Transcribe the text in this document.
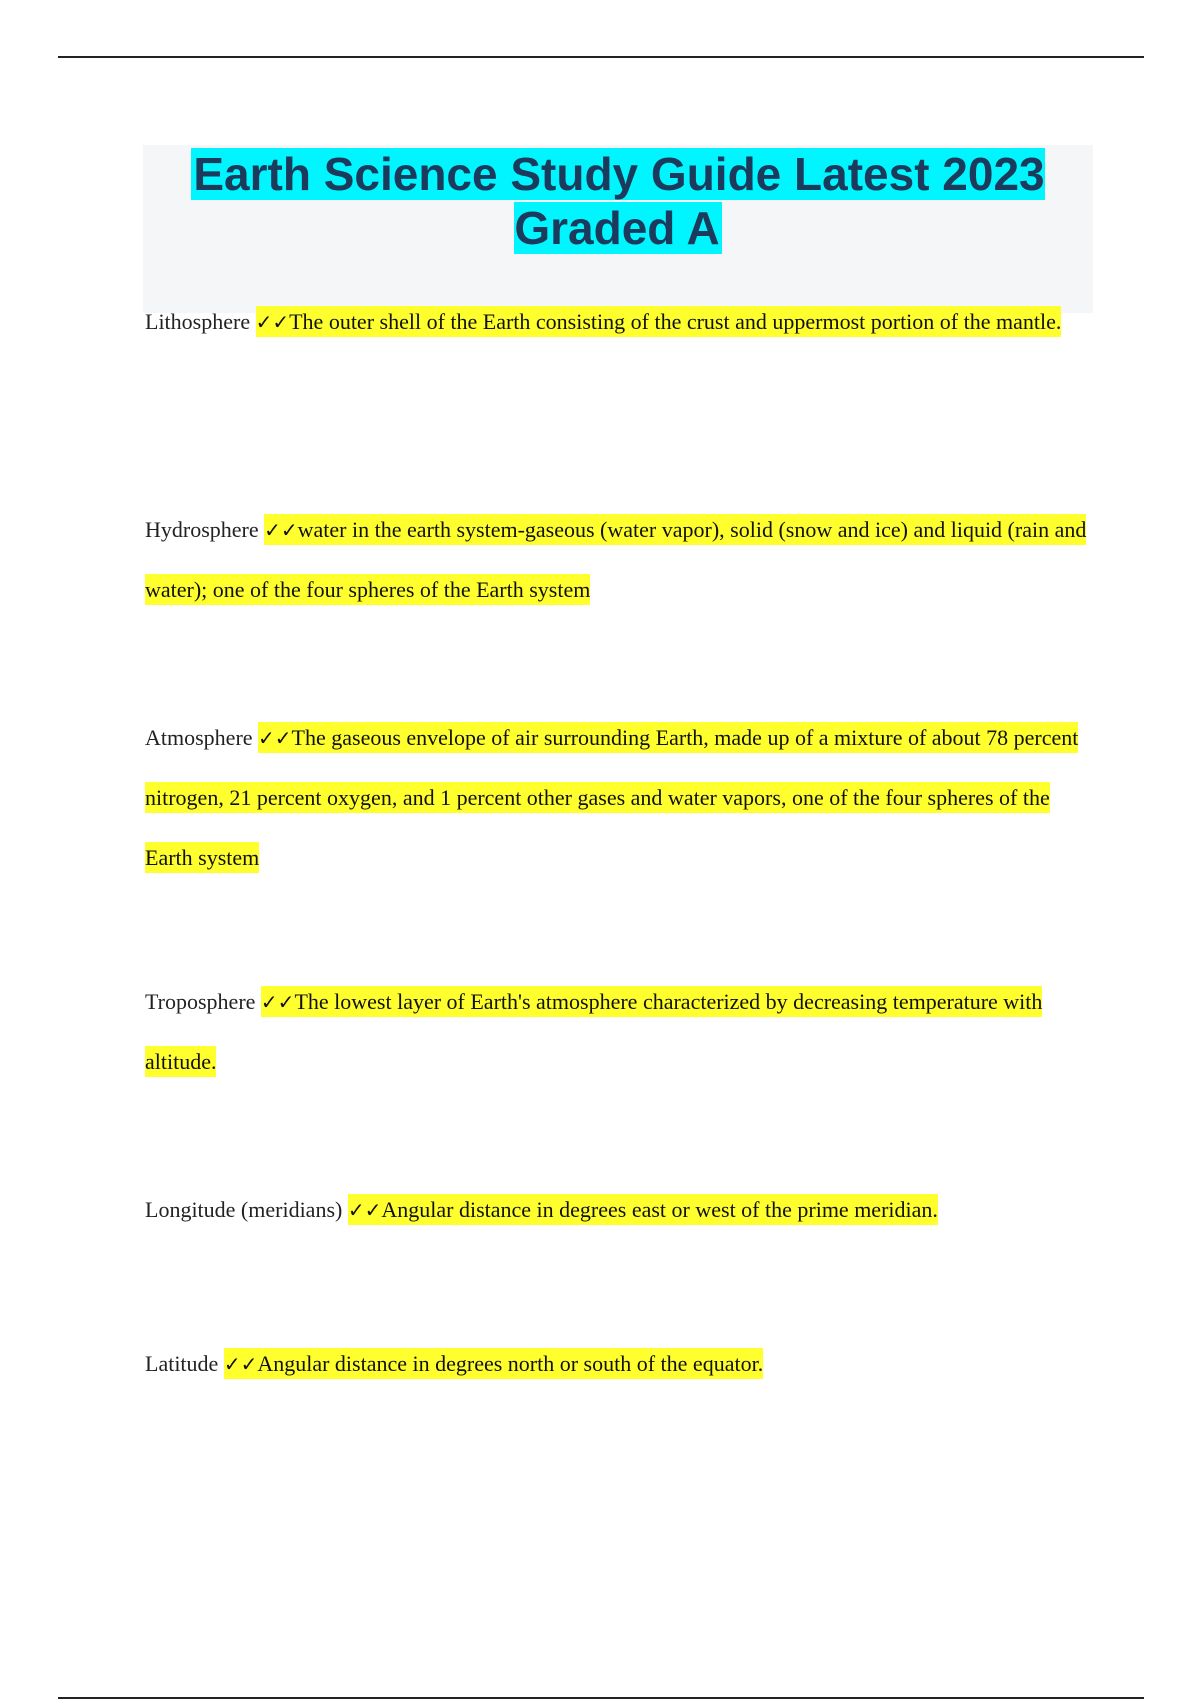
Earth Science Study Guide Latest 2023 Graded A

Lithosphere ✓✓The outer shell of the Earth consisting of the crust and uppermost portion of the mantle.

Hydrosphere ✓✓water in the earth system-gaseous (water vapor), solid (snow and ice) and liquid (rain and water); one of the four spheres of the Earth system

Atmosphere ✓✓The gaseous envelope of air surrounding Earth, made up of a mixture of about 78 percent nitrogen, 21 percent oxygen, and 1 percent other gases and water vapors, one of the four spheres of the Earth system

Troposphere ✓✓The lowest layer of Earth's atmosphere characterized by decreasing temperature with altitude.

Longitude (meridians) ✓✓Angular distance in degrees east or west of the prime meridian.

Latitude ✓✓Angular distance in degrees north or south of the equator.
